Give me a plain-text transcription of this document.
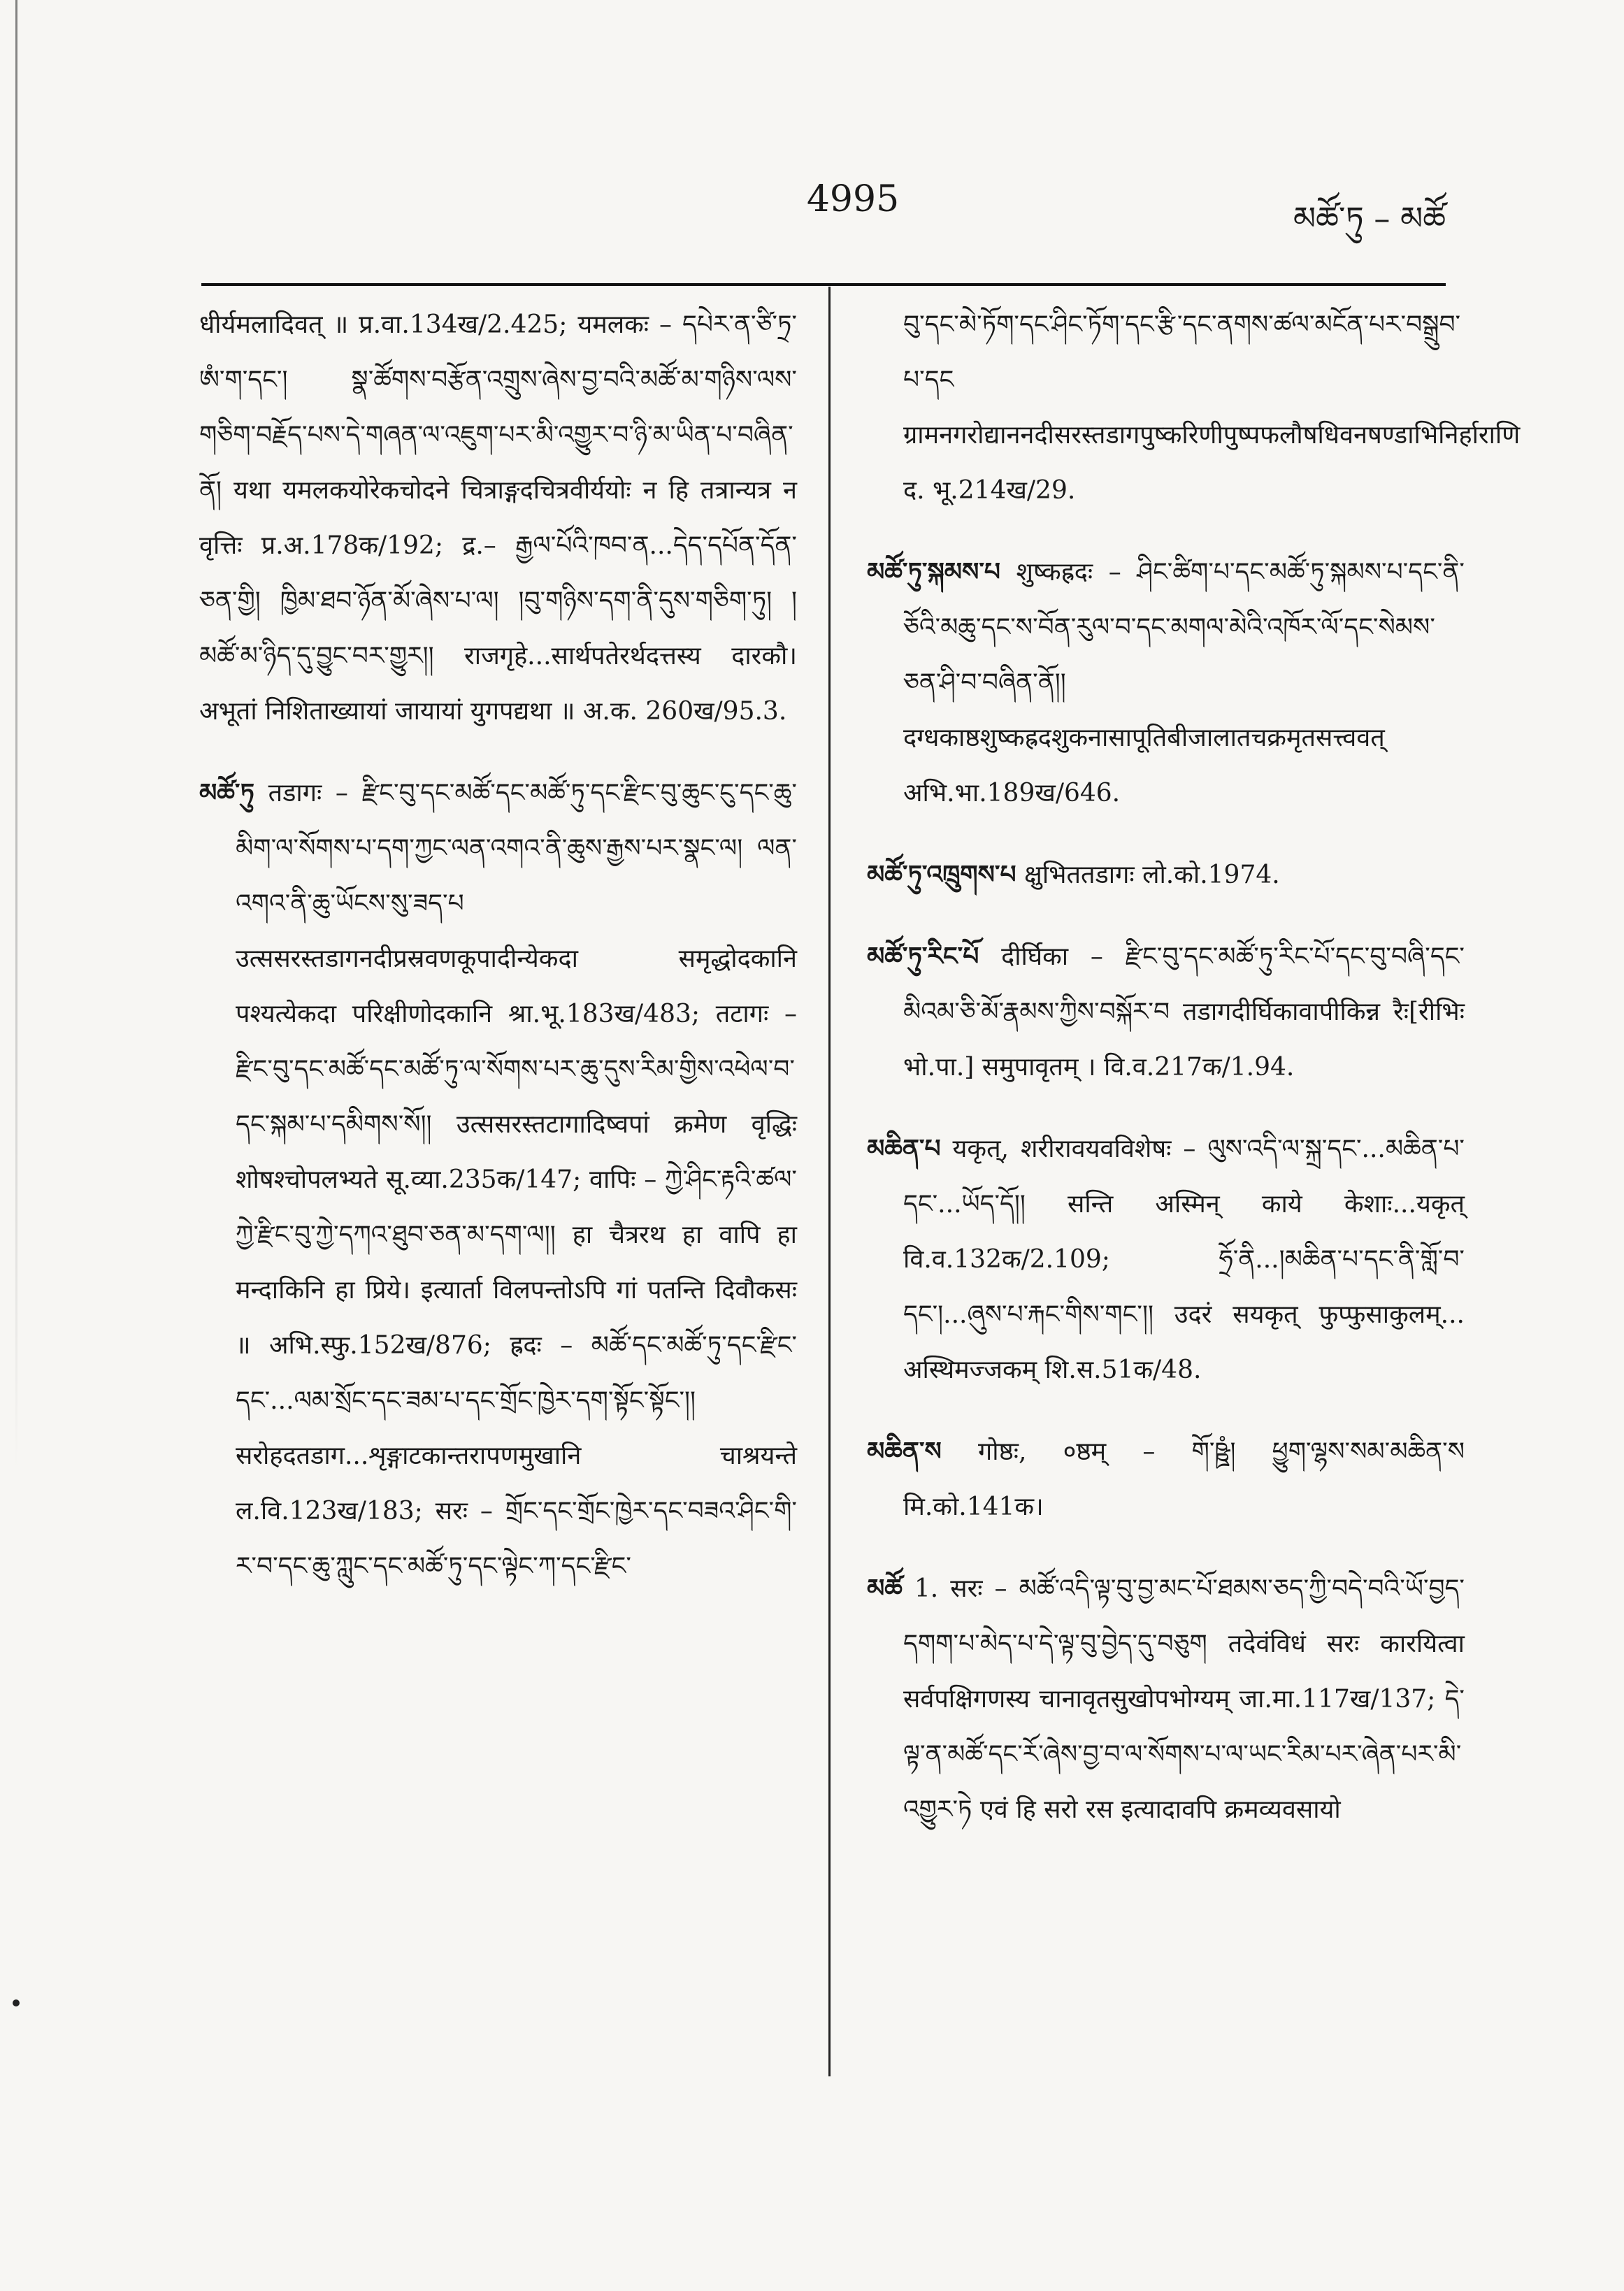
4995	མཚོ་ཏུ – མཚོ
धीर्यमलादिवत् ॥ प्र.वा.134ख/2.425; यमलकः – དཔེར་ན་ཙི་ཏྲ་ཨཾ་ག་དང་། སྣ་ཚོགས་བརྩོན་འགྲུས་ཞེས་བྱ་བའི་མཚོ་མ་གཉིས་ལས་གཅིག་བརྗོད་པས་དེ་གཞན་ལ་འཇུག་པར་མི་འགྱུར་བ་ཉི་མ་ཡིན་པ་བཞིན་ནོ། यथा यमलकयोरेकचोदने चित्राङ्गदचित्रवीर्ययोः न हि तत्रान्यत्र न वृत्तिः प्र.अ.178क/192; द्र.– རྒྱལ་པོའི་ཁབ་ན...དེད་དཔོན་དོན་ཅན་གྱི། ཁྱིམ་ཐབ་ཉོན་མོ་ཞེས་པ་ལ། །བུ་གཉིས་དག་ནི་དུས་གཅིག་ཏུ། །མཚོ་མ་ཉིད་དུ་བྱུང་བར་གྱུར།། राजगृहे...सार्थपतेरर्थदत्तस्य दारकौ। अभूतां निशिताख्यायां जायायां युगपद्यथा ॥ अ.क. 260ख/95.3.
མཚོ་ཏུ तडागः – རྫིང་བུ་དང་མཚོ་དང་མཚོ་ཏུ་དང་རྫིང་བུ་ཆུང་ངུ་དང་ཆུ་མིག་ལ་སོགས་པ་དག་ཀྱང་ལན་འགའ་ནི་ཆུས་རྒྱས་པར་སྣང་ལ། ལན་འགའ་ནི་ཆུ་ཡོངས་སུ་ཟད་པ उत्ससरस्तडागनदीप्रस्रवणकूपादीन्येकदा समृद्धोदकानि पश्यत्येकदा परिक्षीणोदकानि श्रा.भू.183ख/483; तटागः – རྫིང་བུ་དང་མཚོ་དང་མཚོ་ཏུ་ལ་སོགས་པར་ཆུ་དུས་རིམ་གྱིས་འཕེལ་བ་དང་སྐམ་པ་དམིགས་སོ།། उत्ससरस्तटागादिष्वपां क्रमेण वृद्धिः शोषश्चोपलभ्यते सू.व्या.235क/147; वापिः – ཀྱེ་ཤིང་རྟའི་ཚལ་ཀྱེ་རྫིང་བུ་ཀྱེ་དཀའ་ཐུབ་ཅན་མ་དག་ལ།། हा चैत्ररथ हा वापि हा मन्दाकिनि हा प्रिये। इत्यार्ता विलपन्तोऽपि गां पतन्ति दिवौकसः ॥ अभि.स्फु.152ख/876; ह्रदः – མཚོ་དང་མཚོ་ཏུ་དང་རྫིང་དང་...ལམ་སྲོང་དང་ཟམ་པ་དང་གྲོང་ཁྱེར་དག་སྟོང་སྟོང་།། सरोहदतडाग...शृङ्गाटकान्तरापणमुखानि चाश्रयन्ते ल.वि.123ख/183; सरः – གྲོང་དང་གྲོང་ཁྱེར་དང་བཟའ་ཤིང་གི་ར་བ་དང་ཆུ་ཀླུང་དང་མཚོ་ཏུ་དང་ལྟེང་ཀ་དང་རྫིང་
བུ་དང་མེ་ཏོག་དང་ཤིང་ཏོག་དང་རྩི་དང་ནགས་ཚལ་མངོན་པར་བསྒྲུབ་པ་དང ग्रामनगरोद्याननदीसरस्तडागपुष्करिणीपुष्पफलौषधिवनषण्डाभिनिर्हाराणि द. भू.214ख/29.
མཚོ་ཏུ་སྐམས་པ शुष्कह्रदः – ཤིང་ཚིག་པ་དང་མཚོ་ཏུ་སྐམས་པ་དང་ནི་ཅོའི་མཆུ་དང་ས་བོན་རུལ་བ་དང་མགལ་མེའི་འཁོར་ལོ་དང་སེམས་ཅན་ཤི་བ་བཞིན་ནོ།། दग्धकाष्ठशुष्कह्रदशुकनासापूतिबीजालातचक्रमृतसत्त्ववत् अभि.भा.189ख/646.
མཚོ་ཏུ་འཁྲུགས་པ क्षुभिततडागः लो.को.1974.
མཚོ་ཏུ་རིང་པོ दीर्घिका – རྫིང་བུ་དང་མཚོ་ཏུ་རིང་པོ་དང་བུ་བཞི་དང་མིའམ་ཅི་མོ་རྣམས་ཀྱིས་བསྐོར་བ तडागदीर्घिकावापीकिन्न रैः[रीभिः भो.पा.] समुपावृतम् । वि.व.217क/1.94.
མཆིན་པ यकृत्, शरीरावयवविशेषः – ལུས་འདི་ལ་སྐྲ་དང་...མཆིན་པ་དང་...ཡོད་དོ།། सन्ति अस्मिन् काये केशाः...यकृत् वि.व.132क/2.109; ཧྲོ་ནི...།མཆིན་པ་དང་ནི་གློ་བ་དང་།...ཞུས་པ་རྐང་གིས་གང་།། उदरं सयकृत् फुप्फुसाकुलम्... अस्थिमज्जकम् शि.स.51क/48.
མཆིན་ས गोष्ठः, ०ष्ठम् – གོ་ཥྛཾ། ཕྱུག་ལྷས་སམ་མཆིན་ས मि.को.141क।
མཚོ 1. सरः – མཚོ་འདི་ལྟ་བུ་བྱ་མང་པོ་ཐམས་ཅད་ཀྱི་བདེ་བའི་ཡོ་བྱད་དགག་པ་མེད་པ་དེ་ལྟ་བུ་བྱེད་དུ་བཅུག तदेवंविधं सरः कारयित्वा सर्वपक्षिगणस्य चानावृतसुखोपभोग्यम् जा.मा.117ख/137; དེ་ལྟ་ན་མཚོ་དང་རོ་ཞེས་བྱ་བ་ལ་སོགས་པ་ལ་ཡང་རིམ་པར་ཞེན་པར་མི་འགྱུར་ཏེ एवं हि सरो रस इत्यादावपि क्रमव्यवसायो
